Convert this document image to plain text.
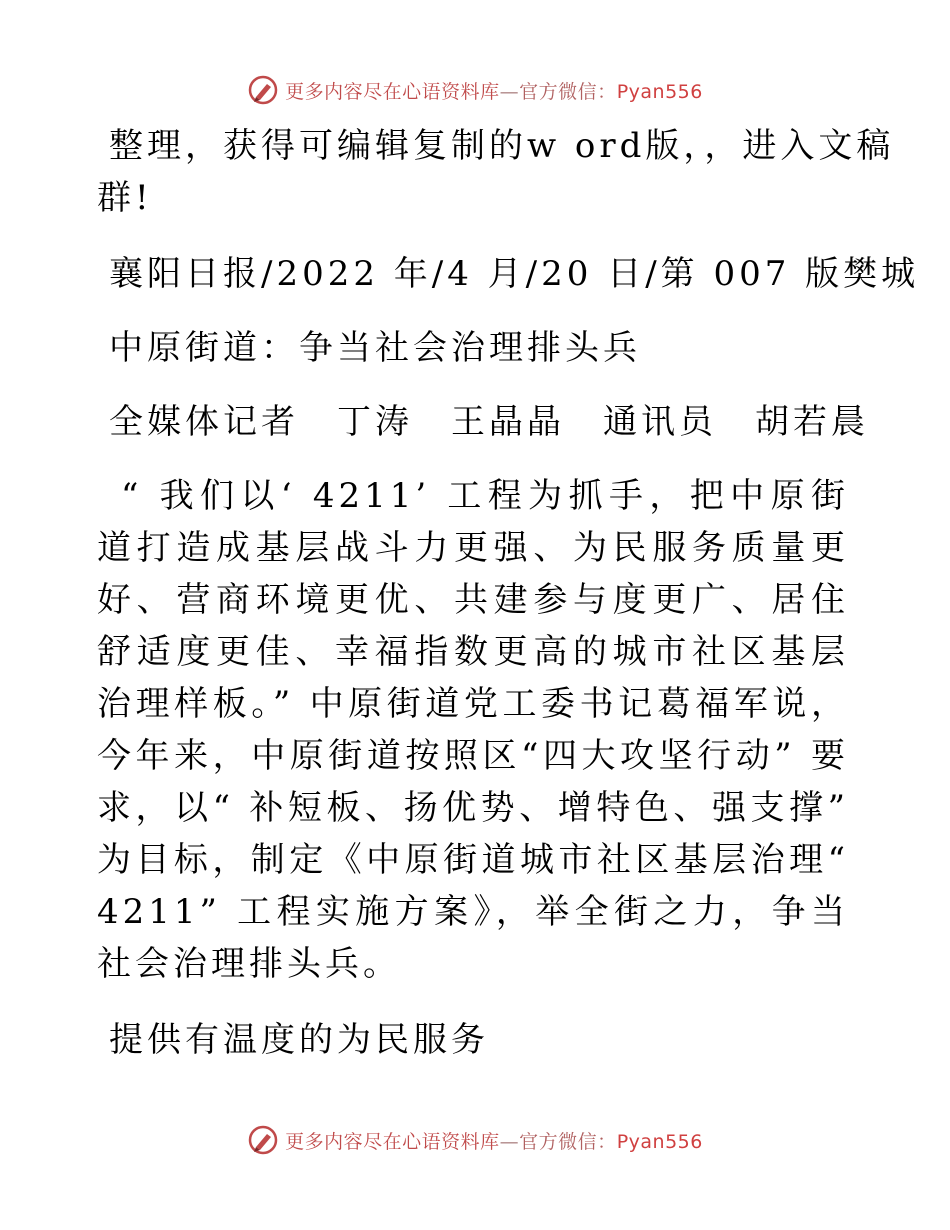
更多内容尽在心语资料库—官方微信：Pyan556
整理，获得可编辑复制的w ord版，，进入文稿
群!
襄阳日报/2022 年/4 月/20 日/第 007 版樊城
中原街道：争当社会治理排头兵
全媒体记者　丁涛　王晶晶　通讯员　胡若晨

“ 我们以‘ 4211’ 工程为抓手，把中原街道打造成基层战斗力更强、为民服务质量更好、营商环境更优、共建参与度更广、居住舒适度更佳、幸福指数更高的城市社区基层治理样板。” 中原街道党工委书记葛福军说，今年来，中原街道按照区“四大攻坚行动” 要求，以“ 补短板、扬优势、增特色、强支撑” 为目标，制定《中原街道城市社区基层治理“ 4211” 工程实施方案》，举全街之力，争当社会治理排头兵。

提供有温度的为民服务
更多内容尽在心语资料库—官方微信：Pyan556
